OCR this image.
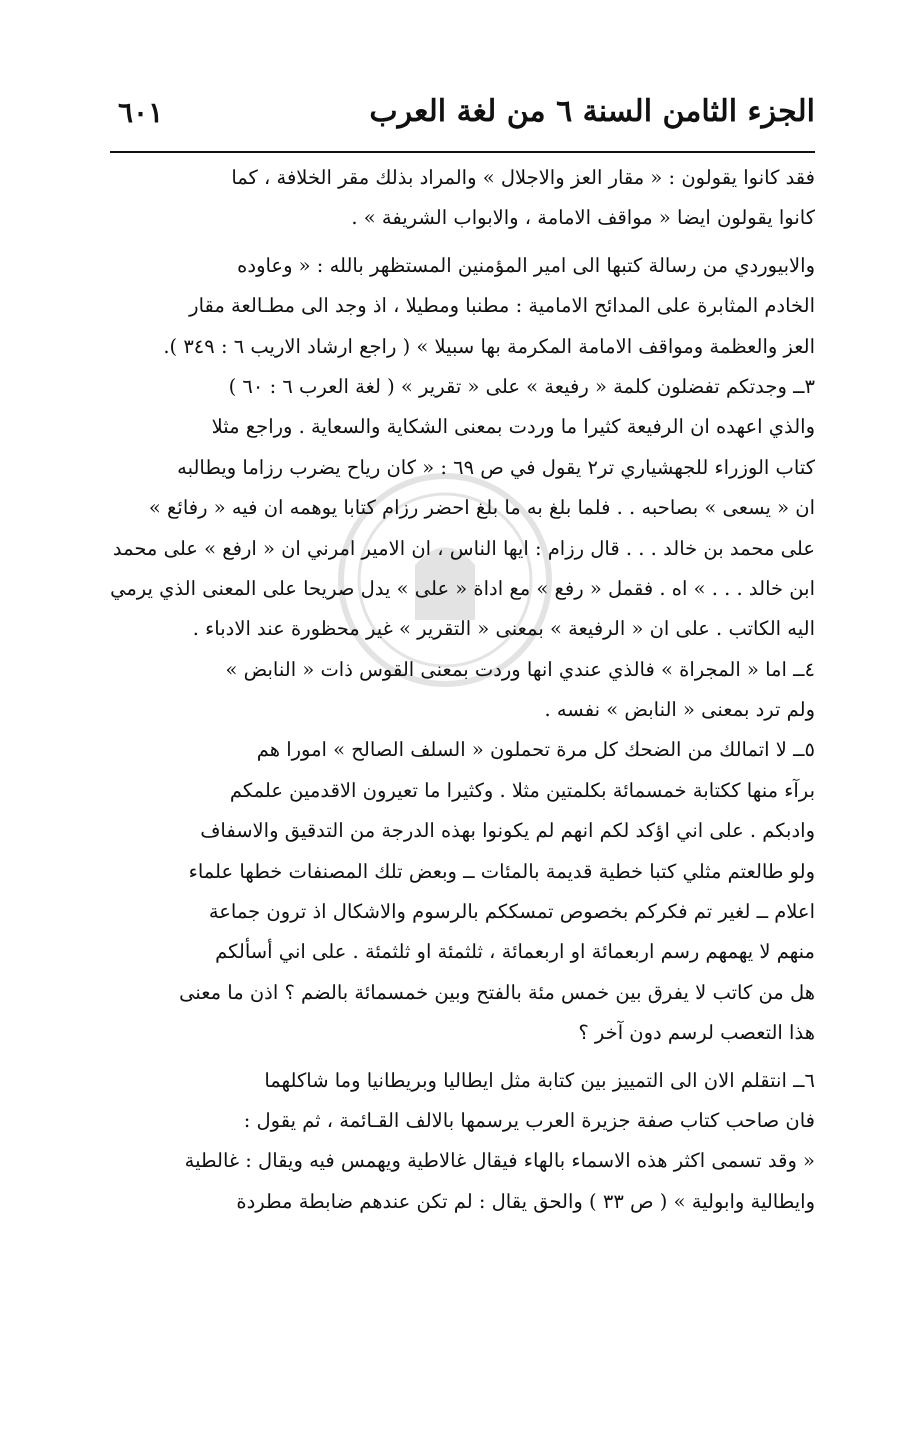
الجزء الثامن السنة ٦ من لغة العرب
٦٠١

فقد كانوا يقولون : « مقار العز والاجلال » والمراد بذلك مقر الخلافة ، كما
كانوا يقولون ايضا « مواقف الامامة ، والابواب الشريفة » .

والابيوردي من رسالة كتبها الى امير المؤمنين المستظهر بالله : « وعاوده
الخادم المثابرة على المدائح الامامية : مطنبا ومطيلا ، اذ وجد الى مطـالعة مقار
العز والعظمة ومواقف الامامة المكرمة بها سبيلا » ( راجع ارشاد الاريب ٦ : ٣٤٩ ).

٣ــ وجدتكم تفضلون كلمة « رفيعة » على « تقرير » ( لغة العرب ٦ : ٦٠ )
والذي اعهده ان الرفيعة كثيرا ما وردت بمعنى الشكاية والسعاية . وراجع مثلا
كتاب الوزراء للجهشياري تر٢ يقول في ص ٦٩ : « كان رياح يضرب رزاما ويطالبه
ان « يسعى » بصاحبه . . فلما بلغ به ما بلغ احضر رزام كتابا يوهمه ان فيه « رفائع »
على محمد بن خالد . . . قال رزام : ايها الناس ، ان الامير امرني ان « ارفع » على محمد
ابن خالد . . . » اه . فقمل « رفع » مع اداة « على » يدل صريحا على المعنى الذي يرمي
اليه الكاتب . على ان « الرفيعة » بمعنى « التقرير » غير محظورة عند الادباء .

٤ــ اما « المجراة » فالذي عندي انها وردت بمعنى القوس ذات « النابض »
ولم ترد بمعنى « النابض » نفسه .

٥ــ لا اتمالك من الضحك كل مرة تحملون « السلف الصالح » امورا هم
برآء منها ككتابة خمسمائة بكلمتين مثلا . وكثيرا ما تعيرون الاقدمين علمكم
وادبكم . على اني اؤكد لكم انهم لم يكونوا بهذه الدرجة من التدقيق والاسفاف
ولو طالعتم مثلي كتبا خطية قديمة بالمئات ــ وبعض تلك المصنفات خطها علماء
اعلام ــ لغير تم فكركم بخصوص تمسككم بالرسوم والاشكال اذ ترون جماعة
منهم لا يهمهم رسم اربعمائة او اربعمائة ، ثلثمئة او ثلثمئة . على اني أسألكم
هل من كاتب لا يفرق بين خمس مئة بالفتح وبين خمسمائة بالضم ؟ اذن ما معنى
هذا التعصب لرسم دون آخر ؟

٦ــ انتقلم الان الى التمييز بين كتابة مثل ايطاليا وبريطانيا وما شاكلهما
فان صاحب كتاب صفة جزيرة العرب يرسمها بالالف القـائمة ، ثم يقول :
« وقد تسمى اكثر هذه الاسماء بالهاء فيقال غالاطية ويهمس فيه ويقال : غالطية
وايطالية وابولية » ( ص ٣٣ ) والحق يقال : لم تكن عندهم ضابطة مطردة
